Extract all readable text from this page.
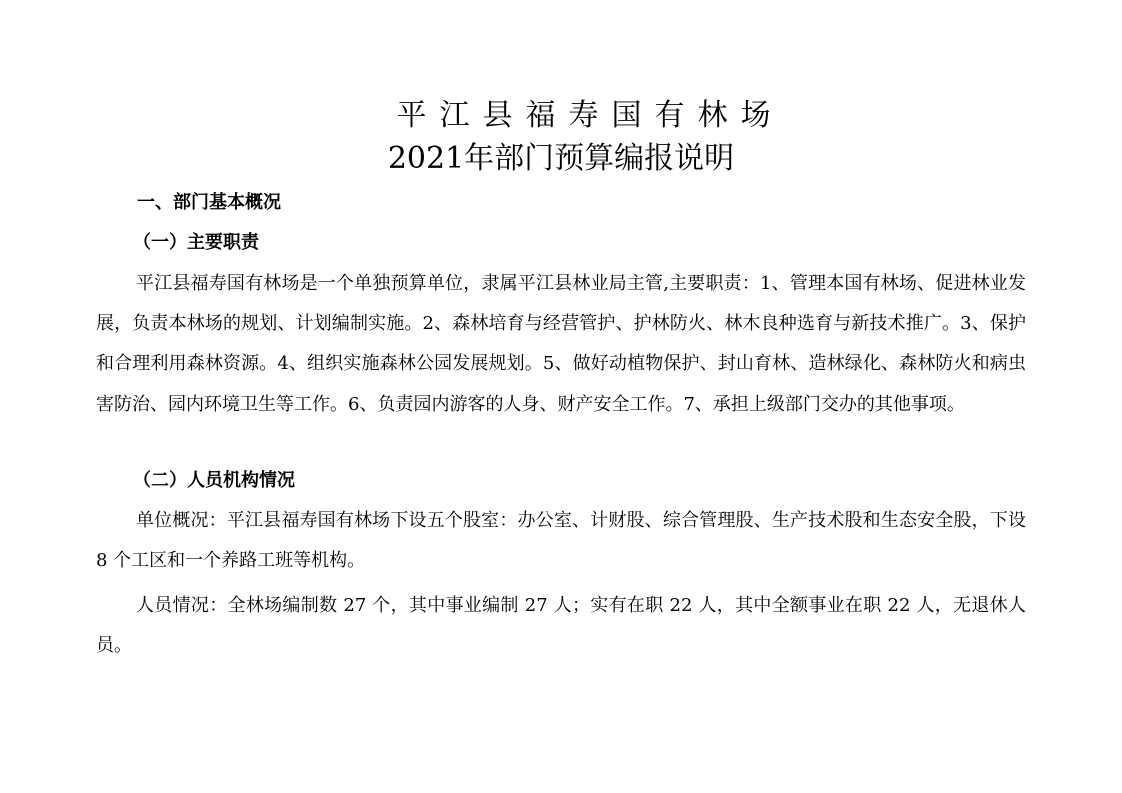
平江县福寿国有林场
2021年部门预算编报说明
一、部门基本概况
（一）主要职责

平江县福寿国有林场是一个单独预算单位，隶属平江县林业局主管,主要职责：1、管理本国有林场、促进林业发展，负责本林场的规划、计划编制实施。2、森林培育与经营管护、护林防火、林木良种选育与新技术推广。3、保护和合理利用森林资源。4、组织实施森林公园发展规划。5、做好动植物保护、封山育林、造林绿化、森林防火和病虫害防治、园内环境卫生等工作。6、负责园内游客的人身、财产安全工作。7、承担上级部门交办的其他事项。

（二）人员机构情况

单位概况：平江县福寿国有林场下设五个股室：办公室、计财股、综合管理股、生产技术股和生态安全股，下设 8 个工区和一个养路工班等机构。

人员情况：全林场编制数 27 个，其中事业编制 27 人；实有在职 22 人，其中全额事业在职 22 人，无退休人员。
